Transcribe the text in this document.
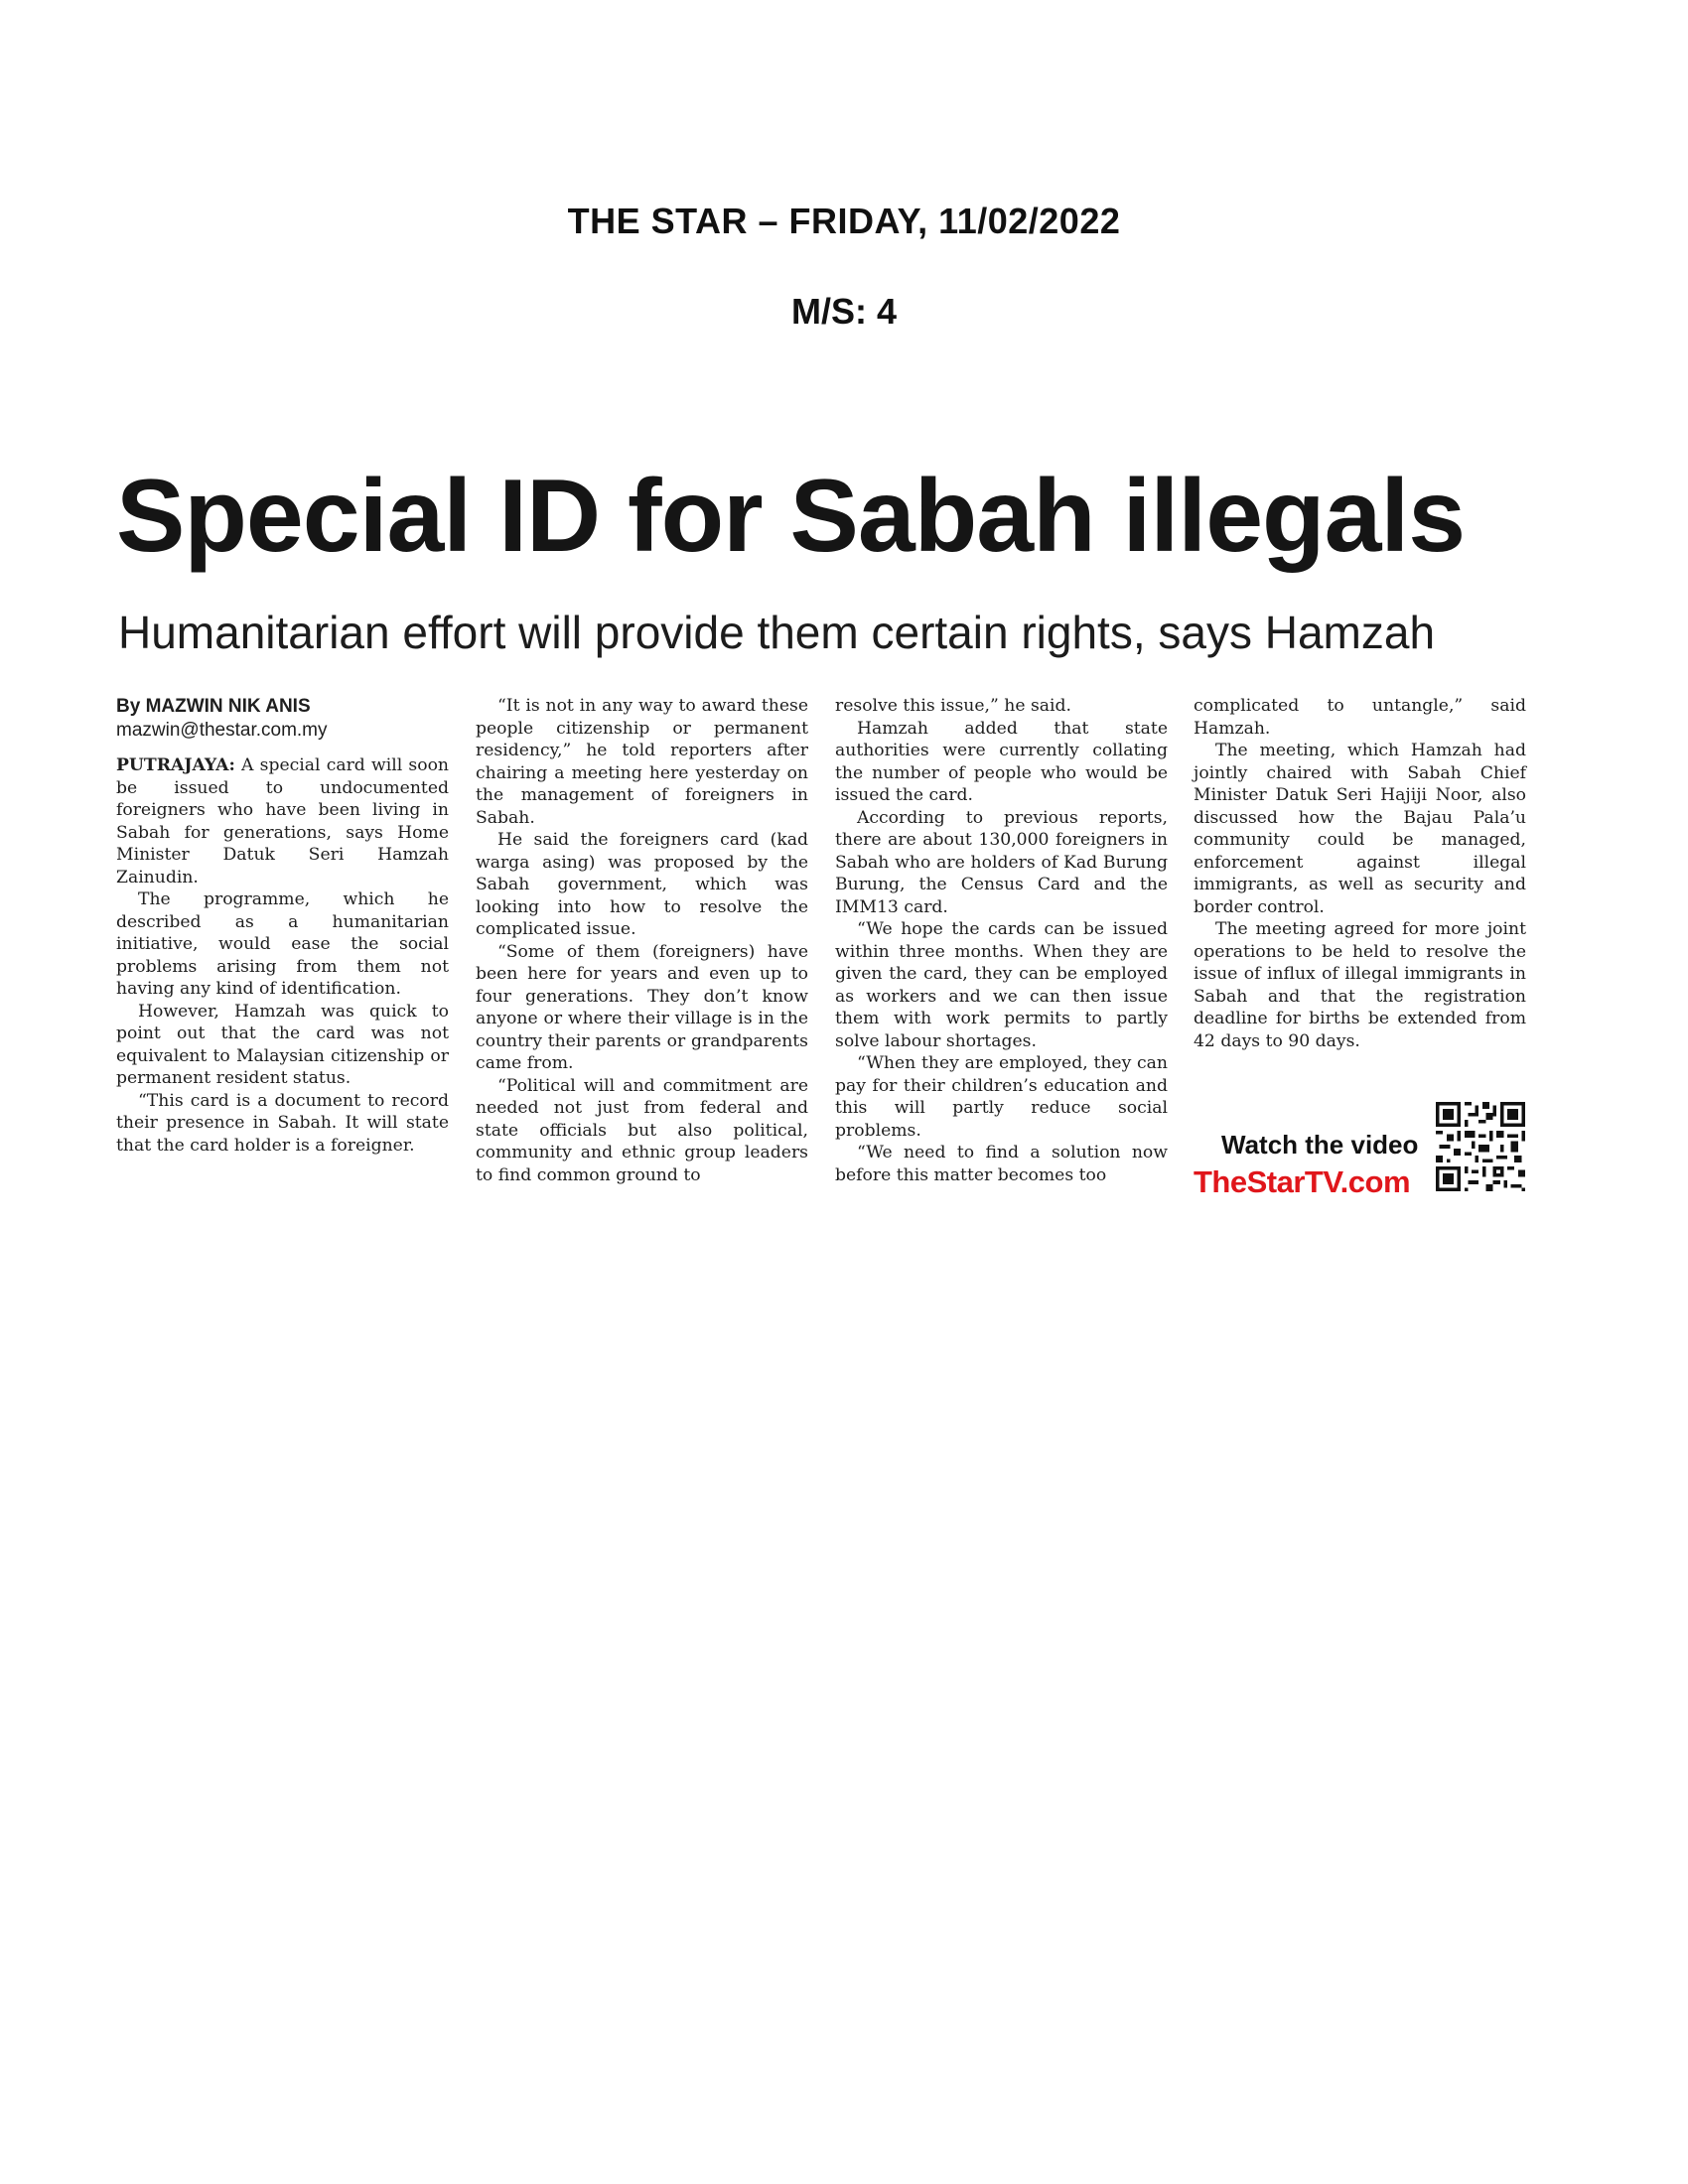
THE STAR – FRIDAY, 11/02/2022
M/S: 4
Special ID for Sabah illegals
Humanitarian effort will provide them certain rights, says Hamzah

By MAZWIN NIK ANIS

mazwin@thestar.com.my

PUTRAJAYA: A special card will soon be issued to undocumented foreigners who have been living in Sabah for generations, says Home Minister Datuk Seri Hamzah Zainudin.

The programme, which he described as a humanitarian initiative, would ease the social problems arising from them not having any kind of identification.

However, Hamzah was quick to point out that the card was not equivalent to Malaysian citizenship or permanent resident status.

“This card is a document to record their presence in Sabah. It will state that the card holder is a foreigner.

“It is not in any way to award these people citizenship or permanent residency,” he told reporters after chairing a meeting here yesterday on the management of foreigners in Sabah.

He said the foreigners card (kad warga asing) was proposed by the Sabah government, which was looking into how to resolve the complicated issue.

“Some of them (foreigners) have been here for years and even up to four generations. They don’t know anyone or where their village is in the country their parents or grandparents came from.

“Political will and commitment are needed not just from federal and state officials but also political, community and ethnic group leaders to find common ground to

resolve this issue,” he said.

Hamzah added that state authorities were currently collating the number of people who would be issued the card.

According to previous reports, there are about 130,000 foreigners in Sabah who are holders of Kad Burung Burung, the Census Card and the IMM13 card.

“We hope the cards can be issued within three months. When they are given the card, they can be employed as workers and we can then issue them with work permits to partly solve labour shortages.

“When they are employed, they can pay for their children’s education and this will partly reduce social problems.

“We need to find a solution now before this matter becomes too

complicated to untangle,” said Hamzah.

The meeting, which Hamzah had jointly chaired with Sabah Chief Minister Datuk Seri Hajiji Noor, also discussed how the Bajau Pala’u community could be managed, enforcement against illegal immigrants, as well as security and border control.

The meeting agreed for more joint operations to be held to resolve the issue of influx of illegal immigrants in Sabah and that the registration deadline for births be extended from 42 days to 90 days.

Watch the video
TheStarTV.com
